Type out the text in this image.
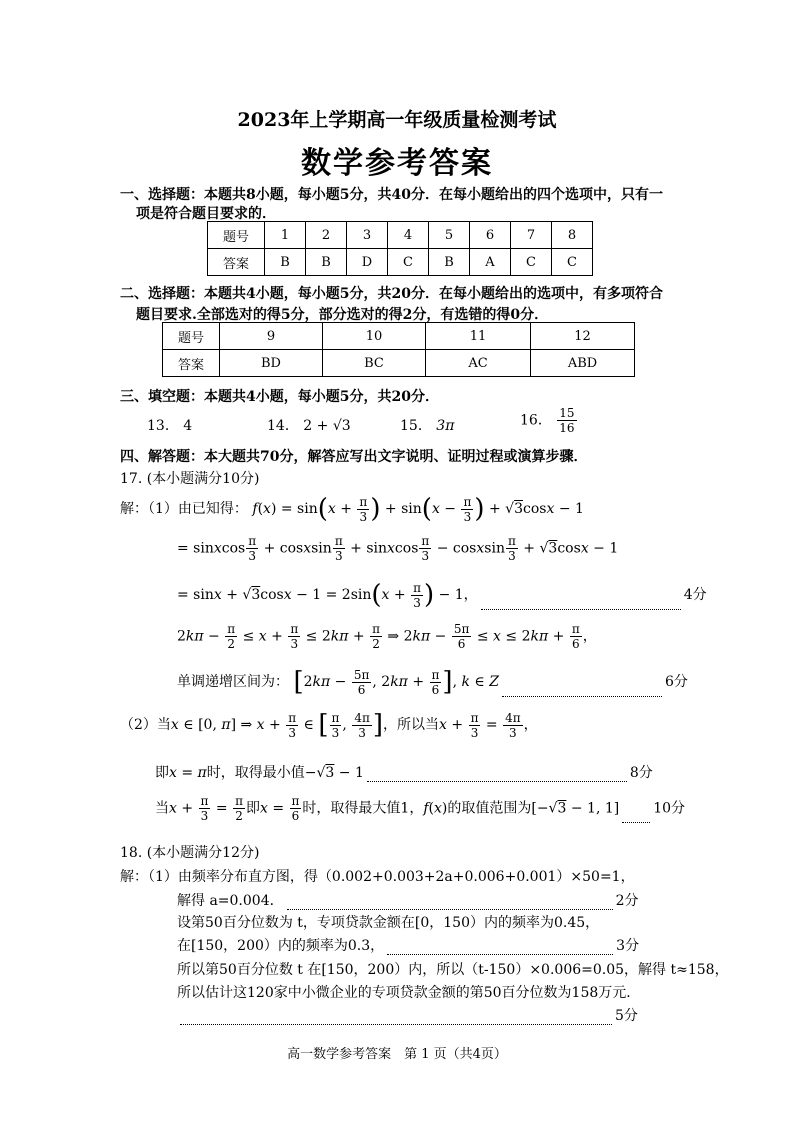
2023年上学期高一年级质量检测考试
数学参考答案
一、选择题：本题共8小题，每小题5分，共40分．在每小题给出的四个选项中，只有一
项是符合题目要求的．
题号	1	2	3	4	5	6	7	8
答案	B	B	D	C	B	A	C	C
二、选择题：本题共4小题，每小题5分，共20分．在每小题给出的选项中，有多项符合
题目要求.全部选对的得5分，部分选对的得2分，有选错的得0分．
题号	9	10	11	12
答案	BD	BC	AC	ABD
三、填空题：本题共4小题，每小题5分，共20分．
13． 4	14． 2 + √3	15． 3π	16． $\frac{15}{16}$
四、解答题：本大题共70分，解答应写出文字说明、证明过程或演算步骤．
17. (本小题满分10分)
解：（1）由已知得： $f(x) = \sin(x + \frac{\pi}{3}$ ) + $\sin(x - \frac{\pi}{3}$ ) + √3cosx − 1
= sinxcos $\frac{\pi}{3}$ + cosxsin $\frac{\pi}{3}$ + sinxcos $\frac{\pi}{3}$ − cosxsin $\frac{\pi}{3} + √3\cos x - 1$
= $\sin x + √3\cos x - 1 = 2\sin(x + \frac{\pi}{3}$ ) − 1，	4分
$2k\pi - \frac{\pi}{2} \le x + \frac{\pi}{3} \le 2k\pi + \frac{\pi}{2}$ ⇒ $2k\pi - \frac{5\pi}{6} \le x \le 2k\pi + \frac{\pi}{6}$ ，
单调递增区间为： [$2k\pi - \frac{5\pi}{6}$ , $2k\pi + \frac{\pi}{6}$ ], k ∈ Z	6分
（2）当x ∈ [0, π] ⇒ $x + \frac{\pi}{3}$ ∈ [ $\frac{\pi}{3}$ , $\frac{4\pi}{3}$ ]，所以当$x + \frac{\pi}{3} = \frac{4\pi}{3}$ ，
即x = π时，取得最小值−√3 − 1	8分
当$x + \frac{\pi}{3} = \frac{\pi}{2}$ 即$x = \frac{\pi}{6}$ 时，取得最大值1，f(x)的取值范围为[−√3 − 1, 1] 10分
18. (本小题满分12分)
解：（1）由频率分布直方图，得（0.002+0.003+2a+0.006+0.001）×50=1，
解得 a=0.004．	2分
设第50百分位数为 t，专项贷款金额在[0，150）内的频率为0.45，
在[150，200）内的频率为0.3，	3分
所以第50百分位数 t 在[150，200）内，所以（t-150）×0.006=0.05，解得 t≈158，
所以估计这120家中小微企业的专项贷款金额的第50百分位数为158万元．
5分
高一数学参考答案　第 1 页（共4页）
